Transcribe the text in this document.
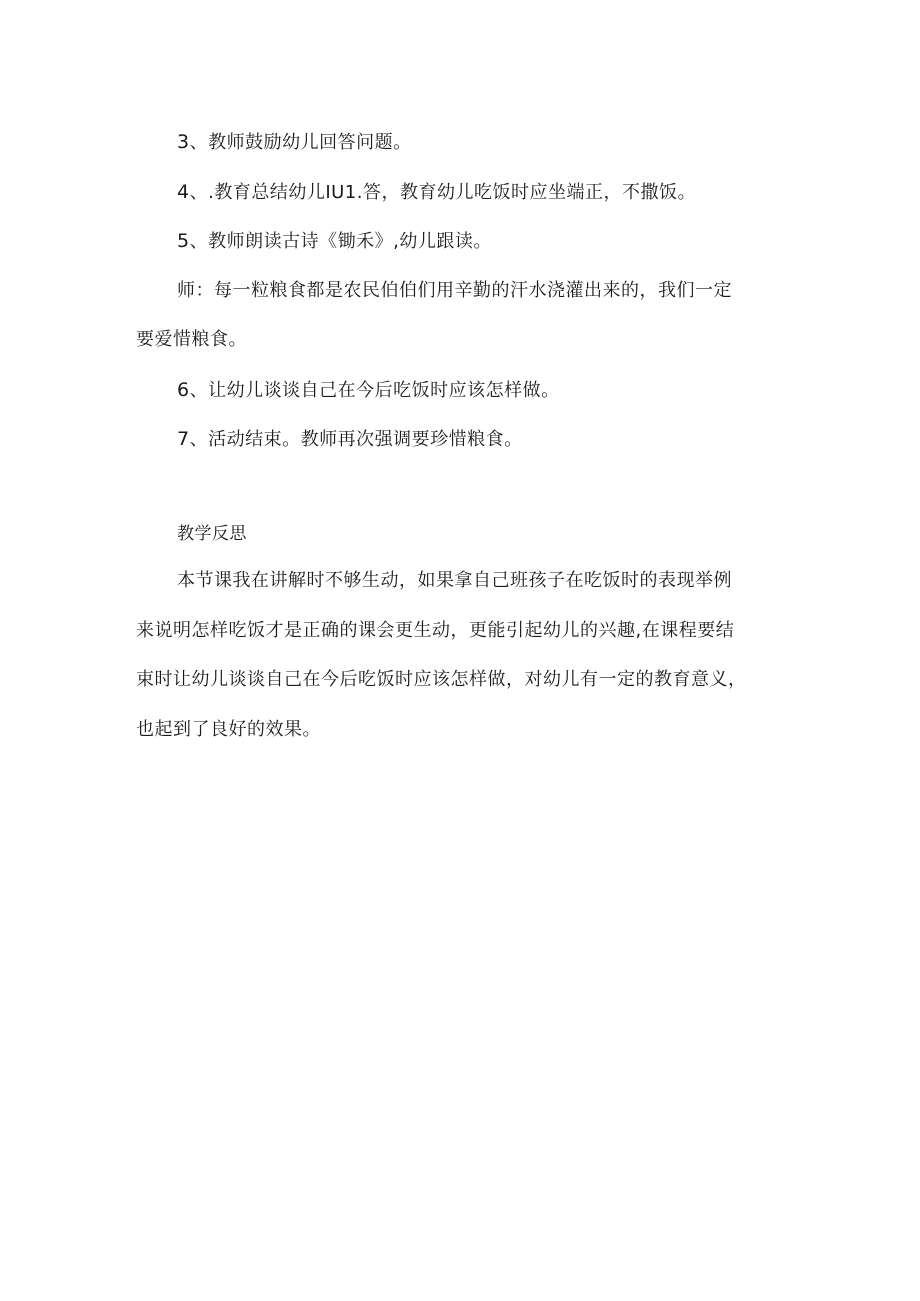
3、教师鼓励幼儿回答问题。
4、.教育总结幼儿IU1.答，教育幼儿吃饭时应坐端正，不撒饭。
5、教师朗读古诗《锄禾》,幼儿跟读。
师：每一粒粮食都是农民伯伯们用辛勤的汗水浇灌出来的，我们一定
要爱惜粮食。
6、让幼儿谈谈自己在今后吃饭时应该怎样做。
7、活动结束。教师再次强调要珍惜粮食。
教学反思
本节课我在讲解时不够生动，如果拿自己班孩子在吃饭时的表现举例
来说明怎样吃饭才是正确的课会更生动，更能引起幼儿的兴趣,在课程要结
束时让幼儿谈谈自己在今后吃饭时应该怎样做，对幼儿有一定的教育意义，
也起到了良好的效果。
